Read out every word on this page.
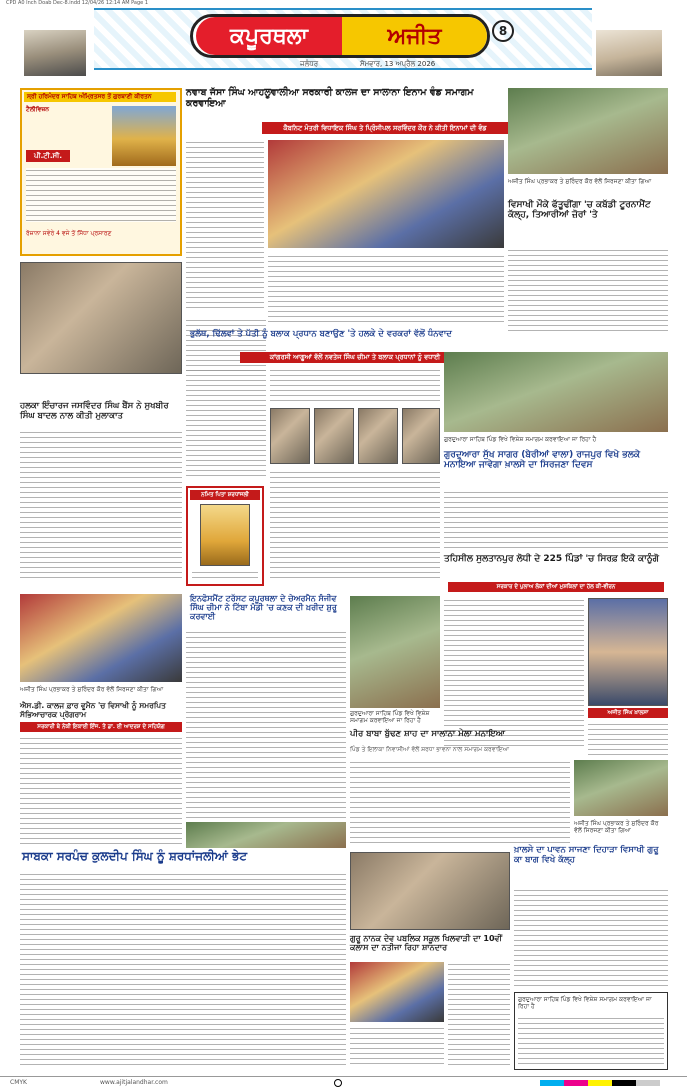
CPD A0 Inch Doab Dec-8.indd 12/04/26 12:14 AM Page 1
ਕਪੂਰਥਲਾ	ਅਜੀਤ	8
ਜਲੰਧਰ	ਸੋਮਵਾਰ, 13 ਅਪ੍ਰੈਲ 2026
ਸ੍ਰੀ ਹਰਿਮੰਦਰ ਸਾਹਿਬ ਅੰਮ੍ਰਿਤਸਰ ਤੋਂ ਗੁਰਬਾਣੀ ਕੀਰਤਨ
ਟੈਲੀਵਿਜ਼ਨ
ਪੀ.ਟੀ.ਸੀ.
ਰੋਜ਼ਾਨਾ ਸਵੇਰੇ 4 ਵਜੇ ਤੋਂ ਸਿੱਧਾ ਪ੍ਰਸਾਰਣ
ਨਵਾਬ ਜੱਸਾ ਸਿੰਘ ਆਹਲੂਵਾਲੀਆ ਸਰਕਾਰੀ ਕਾਲਜ ਦਾ ਸਾਲਾਨਾ ਇਨਾਮ ਵੰਡ ਸਮਾਗਮ ਕਰਵਾਇਆ
ਕੈਬਨਿਟ ਮੰਤਰੀ ਵਿਧਾਇਕ ਸਿੰਘ ਤੇ ਪ੍ਰਿੰਸੀਪਲ ਸਰਵਿੰਦਰ ਕੌਰ ਨੇ ਕੀਤੀ ਇਨਾਮਾਂ ਦੀ ਵੰਡ
ਅਜੀਤ ਸਿੰਘ ਪ੍ਰਭਾਕਰ ਤੇ ਸੁਰਿੰਦਰ ਕੌਰ ਵੱਲੋਂ ਸਿਰਜਣਾ ਕੀਤਾ ਗਿਆ
ਵਿਸਾਖੀ ਮੌਕੇ ਫੱਤੂਢੀਂਗਾ 'ਚ ਕਬੱਡੀ ਟੂਰਨਾਮੈਂਟ ਕੱਲ੍ਹ, ਤਿਆਰੀਆਂ ਜ਼ੋਰਾਂ 'ਤੇ
ਭੁਲੱਥ, ਢਿੱਲਵਾਂ ਤੇ ਪੱਤੀ ਨੂੰ ਬਲਾਕ ਪ੍ਰਧਾਨ ਬਣਾਉਣ 'ਤੇ ਹਲਕੇ ਦੇ ਵਰਕਰਾਂ ਵੱਲੋਂ ਧੰਨਵਾਦ
ਕਾਂਗਰਸੀ ਆਗੂਆਂ ਵੱਲੋਂ ਨਵਤੇਜ ਸਿੰਘ ਚੀਮਾ ਤੇ ਬਲਾਕ ਪ੍ਰਧਾਨਾਂ ਨੂੰ ਵਧਾਈ
ਗੁਰਦੁਆਰਾ ਸਾਹਿਬ ਪਿੰਡ ਵਿਖੇ ਵਿਸ਼ੇਸ਼ ਸਮਾਗਮ ਕਰਵਾਇਆ ਜਾ ਰਿਹਾ ਹੈ
ਹਲਕਾ ਇੰਚਾਰਜ ਜਸਵਿੰਦਰ ਸਿੰਘ ਬੈਂਸ ਨੇ ਸੁਖਬੀਰ ਸਿੰਘ ਬਾਦਲ ਨਾਲ ਕੀਤੀ ਮੁਲਾਕਾਤ
ਨਮਿਤ ਪਿਤਾ ਸ਼ਰਧਾਂਜਲੀ
ਗੁਰਦੁਆਰਾ ਸੁੱਖ ਸਾਗਰ (ਬੇਰੀਆਂ ਵਾਲਾ) ਰਾਜਪੁਰ ਵਿਖੇ ਭਲਕੇ ਮਨਾਇਆ ਜਾਵੇਗਾ ਖ਼ਾਲਸੇ ਦਾ ਸਿਰਜਣਾ ਦਿਵਸ
ਤਹਿਸੀਲ ਸੁਲਤਾਨਪੁਰ ਲੋਧੀ ਦੇ 225 ਪਿੰਡਾਂ 'ਚ ਸਿਰਫ਼ ਇਕੋ ਕਾਨੂੰਗੋ
ਸਰਕਾਰ ਦੇ ਪੁਲਾਅ ਲੋਕਾਂ ਦੀਆਂ ਮੁਸ਼ਕਿਲਾਂ ਦਾ ਹੱਲ ਕੀ-ਵੀਰਨ
ਅਜੀਤ ਸਿੰਘ ਖ਼ਾਲਸਾ
ਅਜੀਤ ਸਿੰਘ ਪ੍ਰਭਾਕਰ ਤੇ ਸੁਰਿੰਦਰ ਕੌਰ ਵੱਲੋਂ ਸਿਰਜਣਾ ਕੀਤਾ ਗਿਆ
ਐਸ.ਡੀ. ਕਾਲਜ ਫ਼ਾਰ ਵੂਮੈਨ 'ਚ ਵਿਸਾਖੀ ਨੂੰ ਸਮਰਪਿਤ ਸੱਭਿਆਚਾਰਕ ਪ੍ਰੋਗਰਾਮ
ਸਰਕਾਰੀ ਬੇ ਨੇਕੀ ਇਕਾਈ ਇੰਜ. ਤੇ ਡਾ. ਈ ਆਦਰਸ਼ ਦੇ ਸਹਿਯੋਗ
ਇਨਫੋਸਮੈਂਟ ਟਰੱਸਟ ਕਪੂਰਥਲਾ ਦੇ ਚੇਅਰਮੈਨ ਸੰਜੀਵ ਸਿੰਘ ਚੀਮਾ ਨੇ ਟਿੱਬਾ ਮੰਡੀ 'ਚ ਕਣਕ ਦੀ ਖ਼ਰੀਦ ਸ਼ੁਰੂ ਕਰਵਾਈ
ਗੁਰਦੁਆਰਾ ਸਾਹਿਬ ਪਿੰਡ ਵਿਖੇ ਵਿਸ਼ੇਸ਼ ਸਮਾਗਮ ਕਰਵਾਇਆ ਜਾ ਰਿਹਾ ਹੈ
ਪੀਰ ਬਾਬਾ ਬੁੱਢਣ ਸ਼ਾਹ ਦਾ ਸਾਲਾਨਾ ਮੇਲਾ ਮਨਾਇਆ
ਪਿੰਡ ਤੇ ਇਲਾਕਾ ਨਿਵਾਸੀਆਂ ਵੱਲੋਂ ਸ਼ਰਧਾ ਭਾਵਨਾ ਨਾਲ ਸਮਾਗਮ ਕਰਵਾਇਆ
ਅਜੀਤ ਸਿੰਘ ਪ੍ਰਭਾਕਰ ਤੇ ਸੁਰਿੰਦਰ ਕੌਰ ਵੱਲੋਂ ਸਿਰਜਣਾ ਕੀਤਾ ਗਿਆ
ਸਾਬਕਾ ਸਰਪੰਚ ਕੁਲਦੀਪ ਸਿੰਘ ਨੂੰ ਸ਼ਰਧਾਂਜਲੀਆਂ ਭੇਟ	ਖ਼ਾਲਸੇ ਦਾ ਪਾਵਨ ਸਾਜਣਾ ਦਿਹਾੜਾ ਵਿਸਾਖੀ ਗੁਰੂ ਕਾ ਬਾਗ ਵਿਖੇ ਕੱਲ੍ਹ
ਗੁਰੂ ਨਾਨਕ ਦੇਵ ਪਬਲਿਕ ਸਕੂਲ ਖਿਲਵਾੜੀ ਦਾ 10ਵੀਂ ਕਲਾਸ ਦਾ ਨਤੀਜਾ ਰਿਹਾ ਸ਼ਾਨਦਾਰ
ਗੁਰਦੁਆਰਾ ਸਾਹਿਬ ਪਿੰਡ ਵਿਖੇ ਵਿਸ਼ੇਸ਼ ਸਮਾਗਮ ਕਰਵਾਇਆ ਜਾ ਰਿਹਾ ਹੈ
CMYK	www.ajitjalandhar.com
